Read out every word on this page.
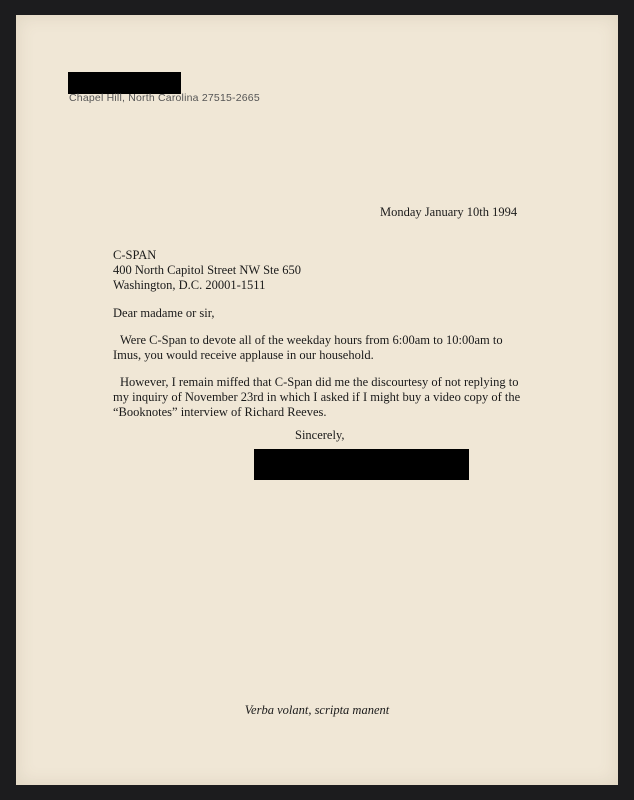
Chapel Hill, North Carolina 27515-2665

Monday January 10th 1994

C-SPAN
400 North Capitol Street NW Ste 650
Washington, D.C. 20001-1511

Dear madame or sir,

Were C-Span to devote all of the weekday hours from 6:00am to 10:00am to Imus, you would receive applause in our household.

However, I remain miffed that C-Span did me the discourtesy of not replying to my inquiry of November 23rd in which I asked if I might buy a video copy of the “Booknotes” interview of Richard Reeves.

Sincerely,

Verba volant, scripta manent
